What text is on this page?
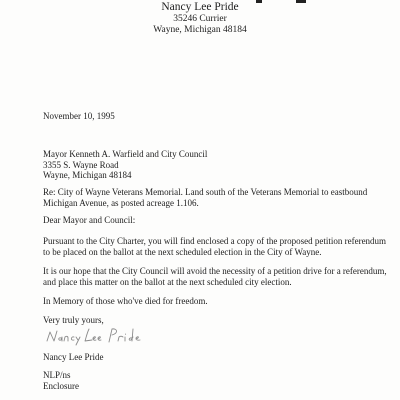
Nancy Lee Pride
35246 Currier
Wayne, Michigan 48184
November 10, 1995
Mayor Kenneth A. Warfield and City Council
3355 S. Wayne Road
Wayne, Michigan 48184
Re: City of Wayne Veterans Memorial. Land south of the Veterans Memorial to eastbound
Michigan Avenue, as posted acreage 1.106.
Dear Mayor and Council:
Pursuant to the City Charter, you will find enclosed a copy of the proposed petition referendum
to be placed on the ballot at the next scheduled election in the City of Wayne.
It is our hope that the City Council will avoid the necessity of a petition drive for a referendum,
and place this matter on the ballot at the next scheduled city election.
In Memory of those who've died for freedom.
Very truly yours,
Nancy Lee Pride
NLP/ns
Enclosure
